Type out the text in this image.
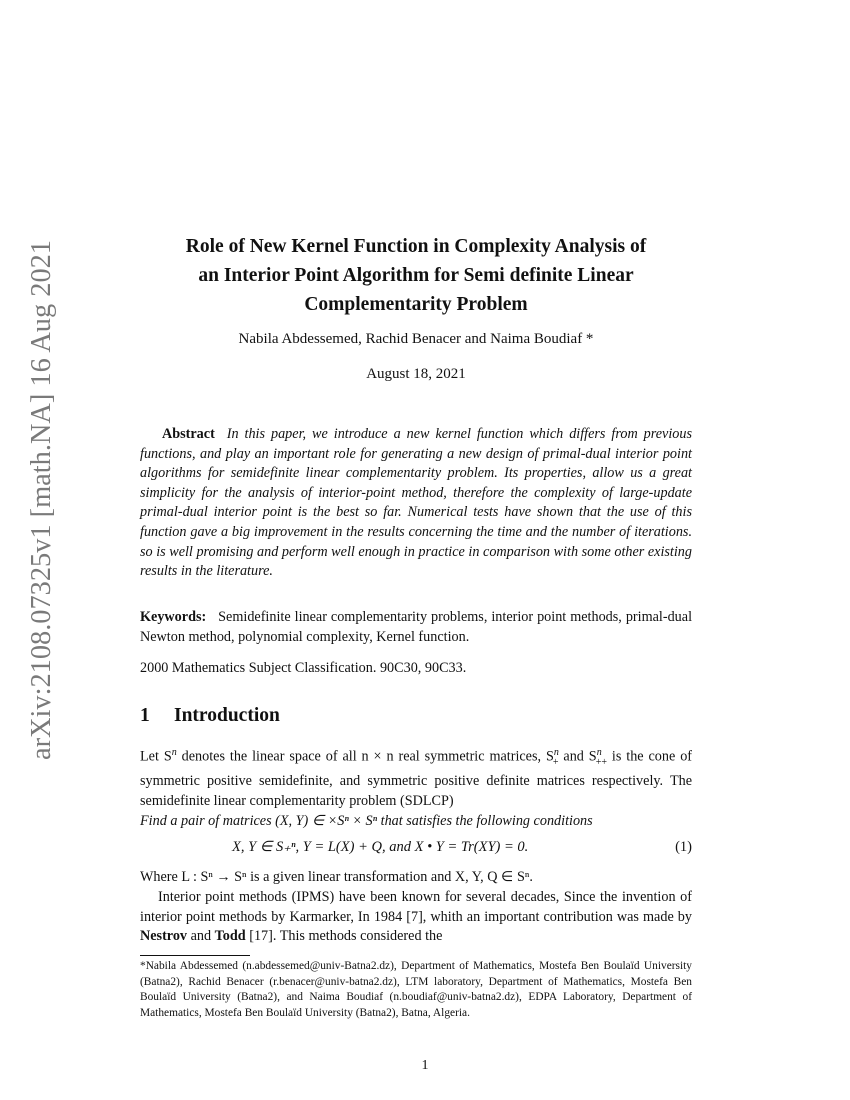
arXiv:2108.07325v1 [math.NA] 16 Aug 2021	Role of New Kernel Function in Complexity Analysis of
an Interior Point Algorithm for Semi definite Linear
Complementarity Problem
Nabila Abdessemed, Rachid Benacer and Naima Boudiaf *
August 18, 2021
Abstract In this paper, we introduce a new kernel function which differs from previous functions, and play an important role for generating a new design of primal-dual interior point algorithms for semidefinite linear complementarity problem. Its properties, allow us a great simplicity for the analysis of interior-point method, therefore the complexity of large-update primal-dual interior point is the best so far. Numerical tests have shown that the use of this function gave a big improvement in the results concerning the time and the number of iterations. so is well promising and perform well enough in practice in comparison with some other existing results in the literature.
Keywords: Semidefinite linear complementarity problems, interior point methods, primal-dual Newton method, polynomial complexity, Kernel function.
2000 Mathematics Subject Classification. 90C30, 90C33.
1 Introduction
Let $S^n$ denotes the linear space of all n × n real symmetric matrices, $S^n_+$ and $S^n_{++}$ is the cone of symmetric positive semidefinite, and symmetric positive definite matrices respectively. The semidefinite linear complementarity problem (SDLCP)
Find a pair of matrices (X, Y) ∈ ×Sⁿ × Sⁿ that satisfies the following conditions
X, Y ∈ S₊ⁿ, Y = L(X) + Q, and X • Y = Tr(XY) = 0.	(1)
Where L : Sⁿ → Sⁿ is a given linear transformation and X, Y, Q ∈ Sⁿ.
Interior point methods (IPMS) have been known for several decades, Since the invention of interior point methods by Karmarker, In 1984 [7], whith an important contribution was made by Nestrov and Todd [17]. This methods considered the
*Nabila Abdessemed (n.abdessemed@univ-Batna2.dz), Department of Mathematics, Mostefa Ben Boulaïd University (Batna2), Rachid Benacer (r.benacer@univ-batna2.dz), LTM laboratory, Department of Mathematics, Mostefa Ben Boulaïd University (Batna2), and Naima Boudiaf (n.boudiaf@univ-batna2.dz), EDPA Laboratory, Department of Mathematics, Mostefa Ben Boulaïd University (Batna2), Batna, Algeria.
1
